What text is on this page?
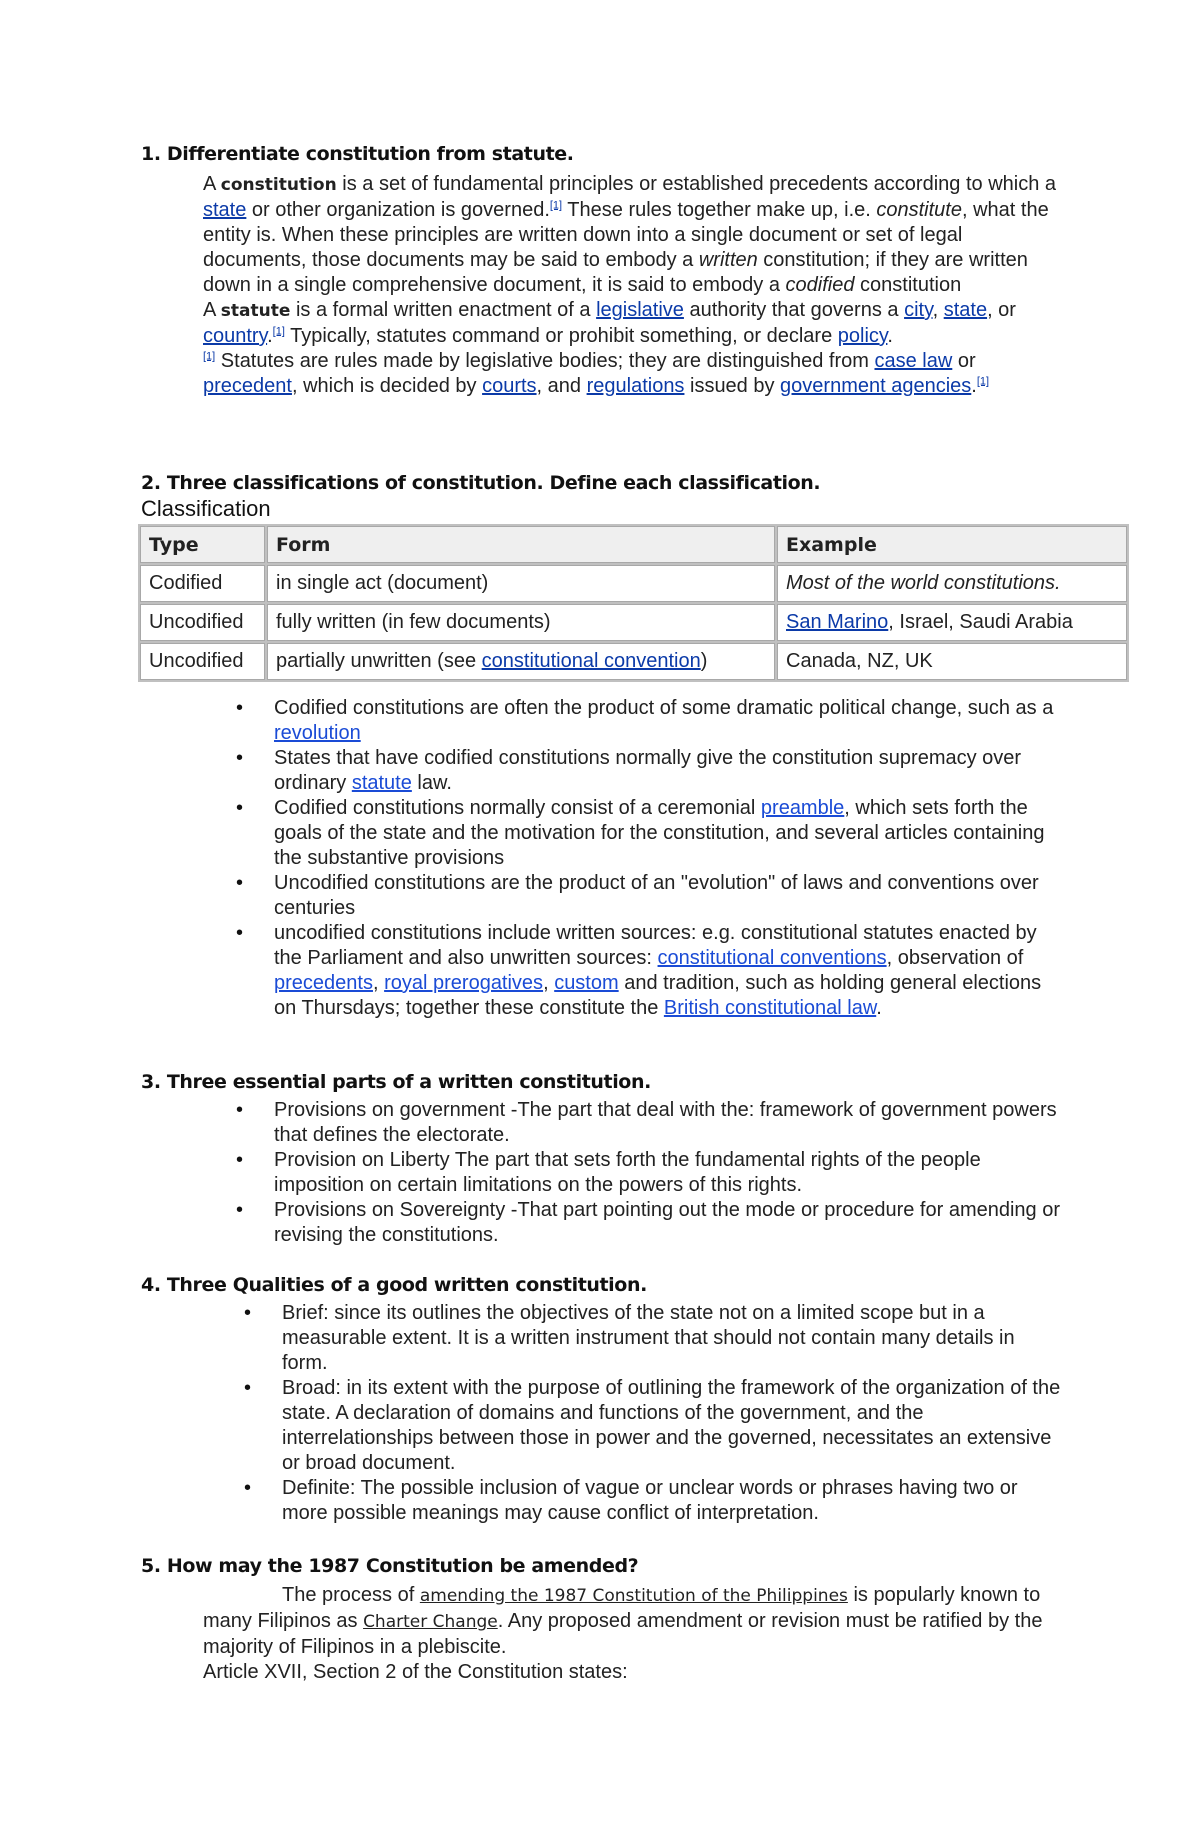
1. Differentiate constitution from statute.

A constitution is a set of fundamental principles or established precedents according to which a state or other organization is governed.[1] These rules together make up, i.e. constitute, what the entity is. When these principles are written down into a single document or set of legal documents, those documents may be said to embody a written constitution; if they are written down in a single comprehensive document, it is said to embody a codified constitution

A statute is a formal written enactment of a legislative authority that governs a city, state, or country.[1] Typically, statutes command or prohibit something, or declare policy.
[1] Statutes are rules made by legislative bodies; they are distinguished from case law or precedent, which is decided by courts, and regulations issued by government agencies.[1]

2. Three classifications of constitution. Define each classification.
Classification
Type	Form	Example
Codified	in single act (document)	Most of the world constitutions.
Uncodified	fully written (in few documents)	San Marino, Israel, Saudi Arabia
Uncodified	partially unwritten (see constitutional convention)	Canada, NZ, UK
• Codified constitutions are often the product of some dramatic political change, such as a revolution
• States that have codified constitutions normally give the constitution supremacy over ordinary statute law.
• Codified constitutions normally consist of a ceremonial preamble, which sets forth the goals of the state and the motivation for the constitution, and several articles containing the substantive provisions
• Uncodified constitutions are the product of an "evolution" of laws and conventions over centuries
• uncodified constitutions include written sources: e.g. constitutional statutes enacted by the Parliament and also unwritten sources: constitutional conventions, observation of precedents, royal prerogatives, custom and tradition, such as holding general elections on Thursdays; together these constitute the British constitutional law.
3. Three essential parts of a written constitution.
• Provisions on government -The part that deal with the: framework of government powers that defines the electorate.
• Provision on Liberty The part that sets forth the fundamental rights of the people imposition on certain limitations on the powers of this rights.
• Provisions on Sovereignty -That part pointing out the mode or procedure for amending or revising the constitutions.
4. Three Qualities of a good written constitution.
• Brief: since its outlines the objectives of the state not on a limited scope but in a measurable extent. It is a written instrument that should not contain many details in form.
• Broad: in its extent with the purpose of outlining the framework of the organization of the state. A declaration of domains and functions of the government, and the interrelationships between those in power and the governed, necessitates an extensive or broad document.
• Definite: The possible inclusion of vague or unclear words or phrases having two or more possible meanings may cause conflict of interpretation.
5. How may the 1987 Constitution be amended?

The process of amending the 1987 Constitution of the Philippines is popularly known to many Filipinos as Charter Change. Any proposed amendment or revision must be ratified by the majority of Filipinos in a plebiscite.

Article XVII, Section 2 of the Constitution states:
